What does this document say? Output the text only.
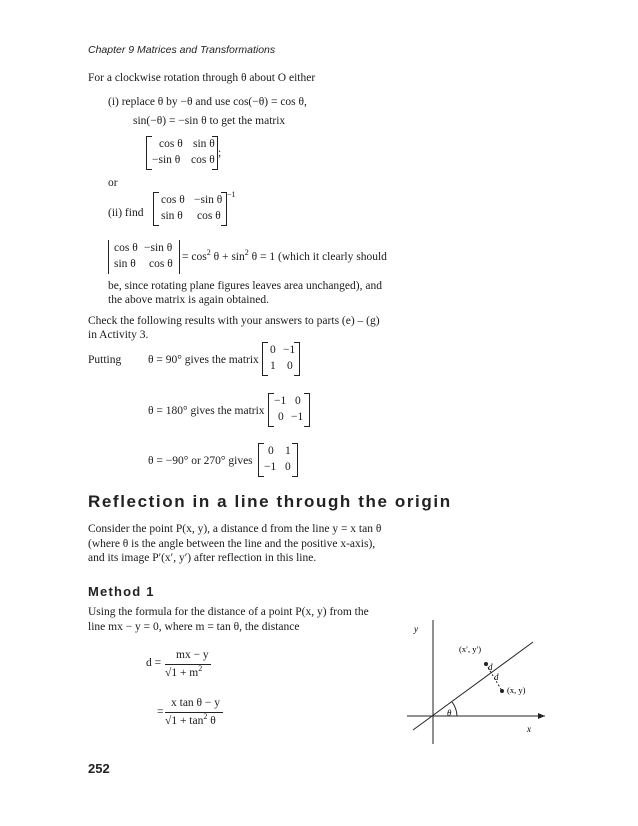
Chapter 9 Matrices and Transformations
For a clockwise rotation through θ about O either
(i) replace θ by −θ and use cos(−θ) = cos θ,
sin(−θ) = −sin θ to get the matrix
cos θ sin θ
−sin θ cos θ
;
or
(ii) find
cos θ −sin θ
sin θ cos θ
−1
cos θ −sin θ
sin θ cos θ
= $\cos^2 \theta + \sin^2 \theta = 1$ (which it clearly should
be, since rotating plane figures leaves area unchanged), and
the above matrix is again obtained.
Check the following results with your answers to parts (e) – (g)
in Activity 3.
Putting θ = 90° gives the matrix
0 −1
1 0
θ = 180° gives the matrix
−1 0
0 −1
θ = −90° or 270° gives
0 1
−1 0
Reflection in a line through the origin
Consider the point P(x, y), a distance d from the line y = x tan θ
(where θ is the angle between the line and the positive x-axis),
and its image P′(x′, y′) after reflection in this line.
Method 1
Using the formula for the distance of a point P(x, y) from the
line mx − y = 0, where m = tan θ, the distance
d =
mx − y
$√1 + m^2$
=
x tan θ − y
$√1 + \tan^2 \theta$
y
x
(x′, y′)
(x, y)
d
d
θ
252
